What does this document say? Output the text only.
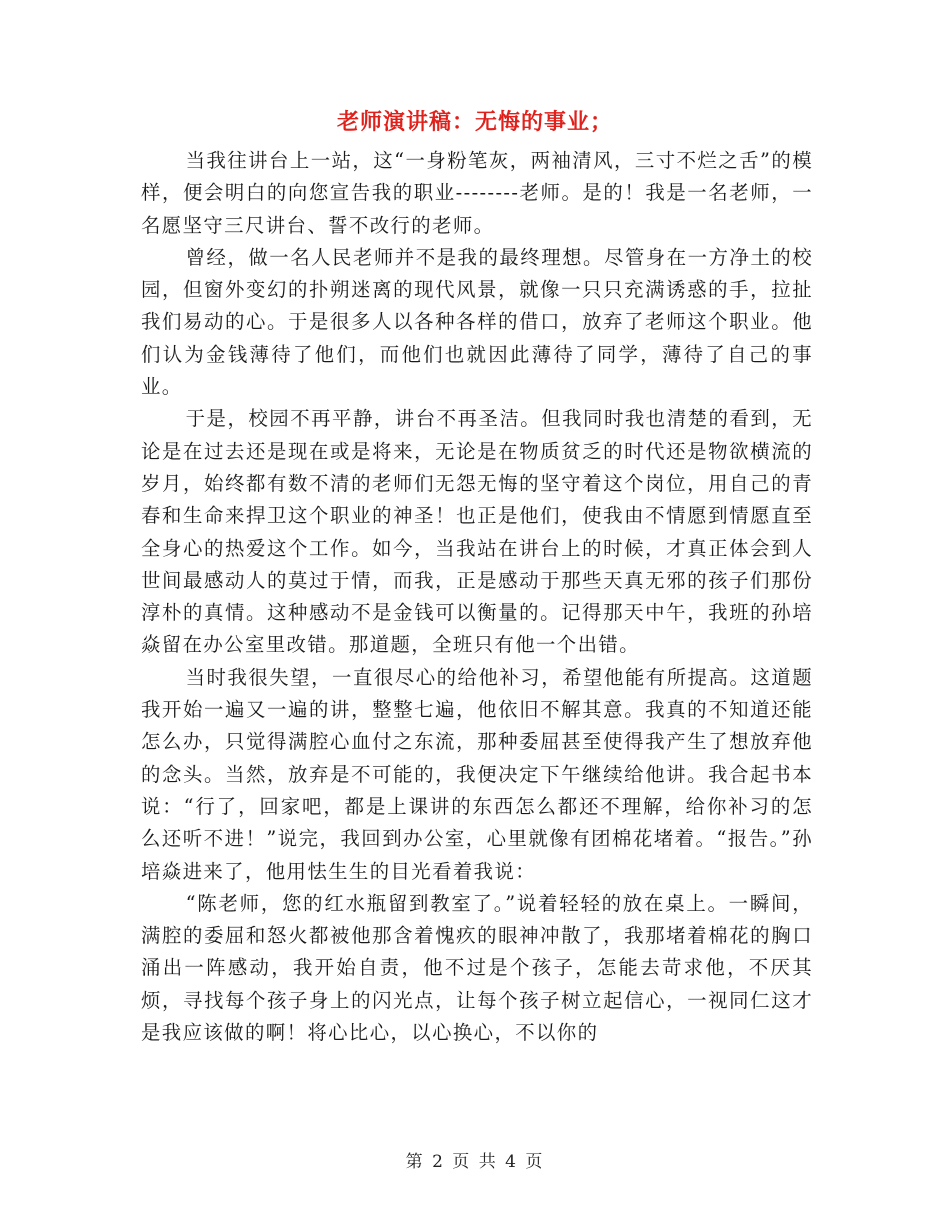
老师演讲稿：无悔的事业；

当我往讲台上一站，这“一身粉笔灰，两袖清风，三寸不烂之舌”的模样，便会明白的向您宣告我的职业--------老师。是的！我是一名老师，一名愿坚守三尺讲台、誓不改行的老师。

曾经，做一名人民老师并不是我的最终理想。尽管身在一方净土的校园，但窗外变幻的扑朔迷离的现代风景，就像一只只充满诱惑的手，拉扯我们易动的心。于是很多人以各种各样的借口，放弃了老师这个职业。他们认为金钱薄待了他们，而他们也就因此薄待了同学，薄待了自己的事业。

于是，校园不再平静，讲台不再圣洁。但我同时我也清楚的看到，无论是在过去还是现在或是将来，无论是在物质贫乏的时代还是物欲横流的岁月，始终都有数不清的老师们无怨无悔的坚守着这个岗位，用自己的青春和生命来捍卫这个职业的神圣！也正是他们，使我由不情愿到情愿直至全身心的热爱这个工作。如今，当我站在讲台上的时候，才真正体会到人世间最感动人的莫过于情，而我，正是感动于那些天真无邪的孩子们那份淳朴的真情。这种感动不是金钱可以衡量的。记得那天中午，我班的孙培焱留在办公室里改错。那道题，全班只有他一个出错。

当时我很失望，一直很尽心的给他补习，希望他能有所提高。这道题我开始一遍又一遍的讲，整整七遍，他依旧不解其意。我真的不知道还能怎么办，只觉得满腔心血付之东流，那种委屈甚至使得我产生了想放弃他的念头。当然，放弃是不可能的，我便决定下午继续给他讲。我合起书本说：“行了，回家吧，都是上课讲的东西怎么都还不理解，给你补习的怎么还听不进！”说完，我回到办公室，心里就像有团棉花堵着。“报告。”孙培焱进来了，他用怯生生的目光看着我说：

“陈老师，您的红水瓶留到教室了。”说着轻轻的放在桌上。一瞬间，满腔的委屈和怒火都被他那含着愧疚的眼神冲散了，我那堵着棉花的胸口涌出一阵感动，我开始自责，他不过是个孩子，怎能去苛求他，不厌其烦，寻找每个孩子身上的闪光点，让每个孩子树立起信心，一视同仁这才是我应该做的啊！将心比心，以心换心，不以你的

第 2 页 共 4 页
